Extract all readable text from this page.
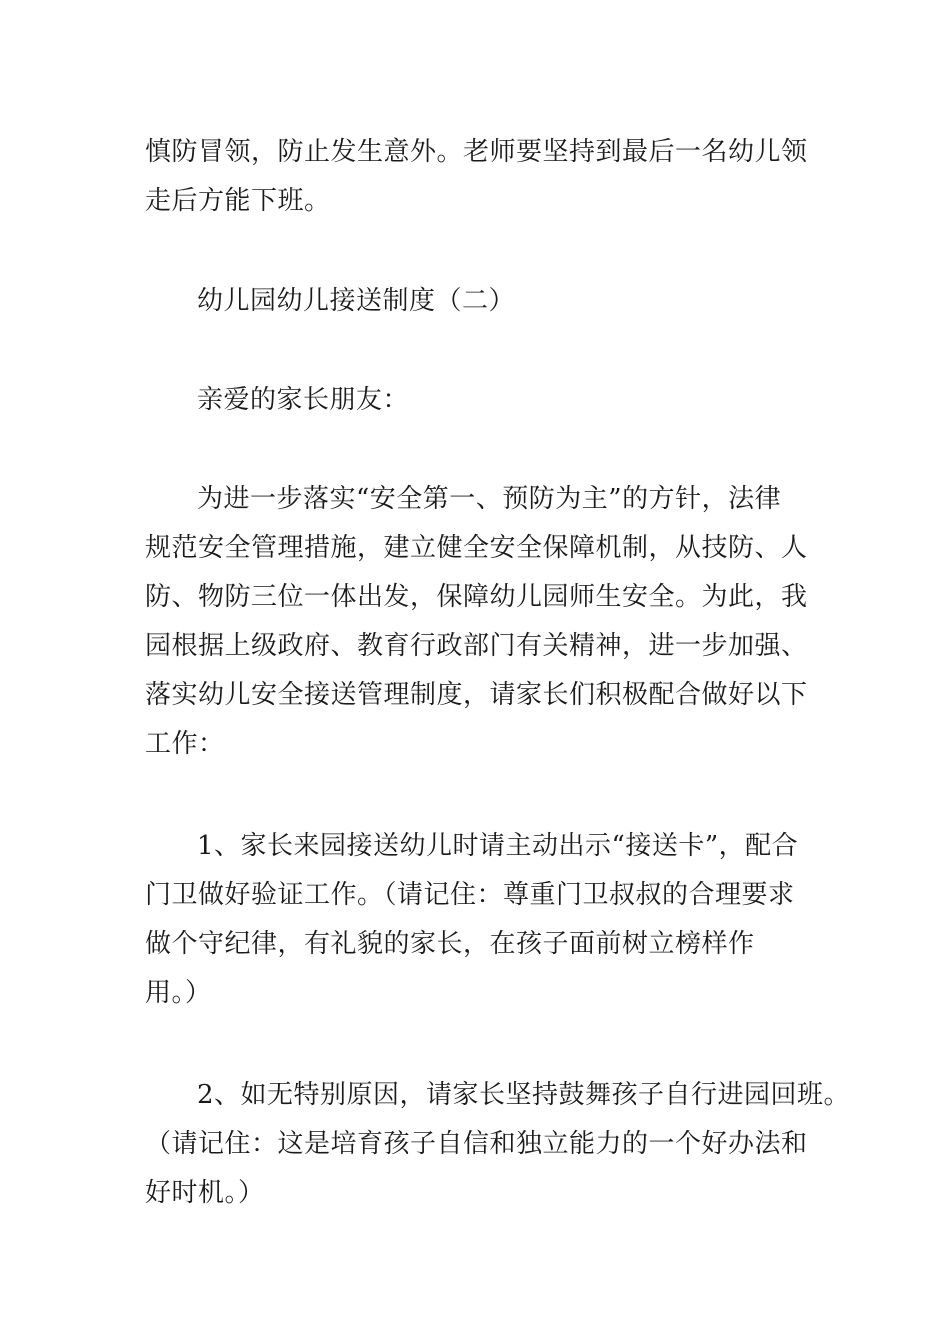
慎防冒领，防止发生意外。老师要坚持到最后一名幼儿领
走后方能下班。
幼儿园幼儿接送制度（二）
亲爱的家长朋友：
为进一步落实“安全第一、预防为主”的方针，法律
规范安全管理措施，建立健全安全保障机制，从技防、人
防、物防三位一体出发，保障幼儿园师生安全。为此，我
园根据上级政府、教育行政部门有关精神，进一步加强、
落实幼儿安全接送管理制度，请家长们积极配合做好以下
工作：
1、家长来园接送幼儿时请主动出示“接送卡”，配合
门卫做好验证工作。（请记住：尊重门卫叔叔的合理要求
做个守纪律，有礼貌的家长，在孩子面前树立榜样作
用。）
2、如无特别原因，请家长坚持鼓舞孩子自行进园回班。
（请记住：这是培育孩子自信和独立能力的一个好办法和
好时机。）
